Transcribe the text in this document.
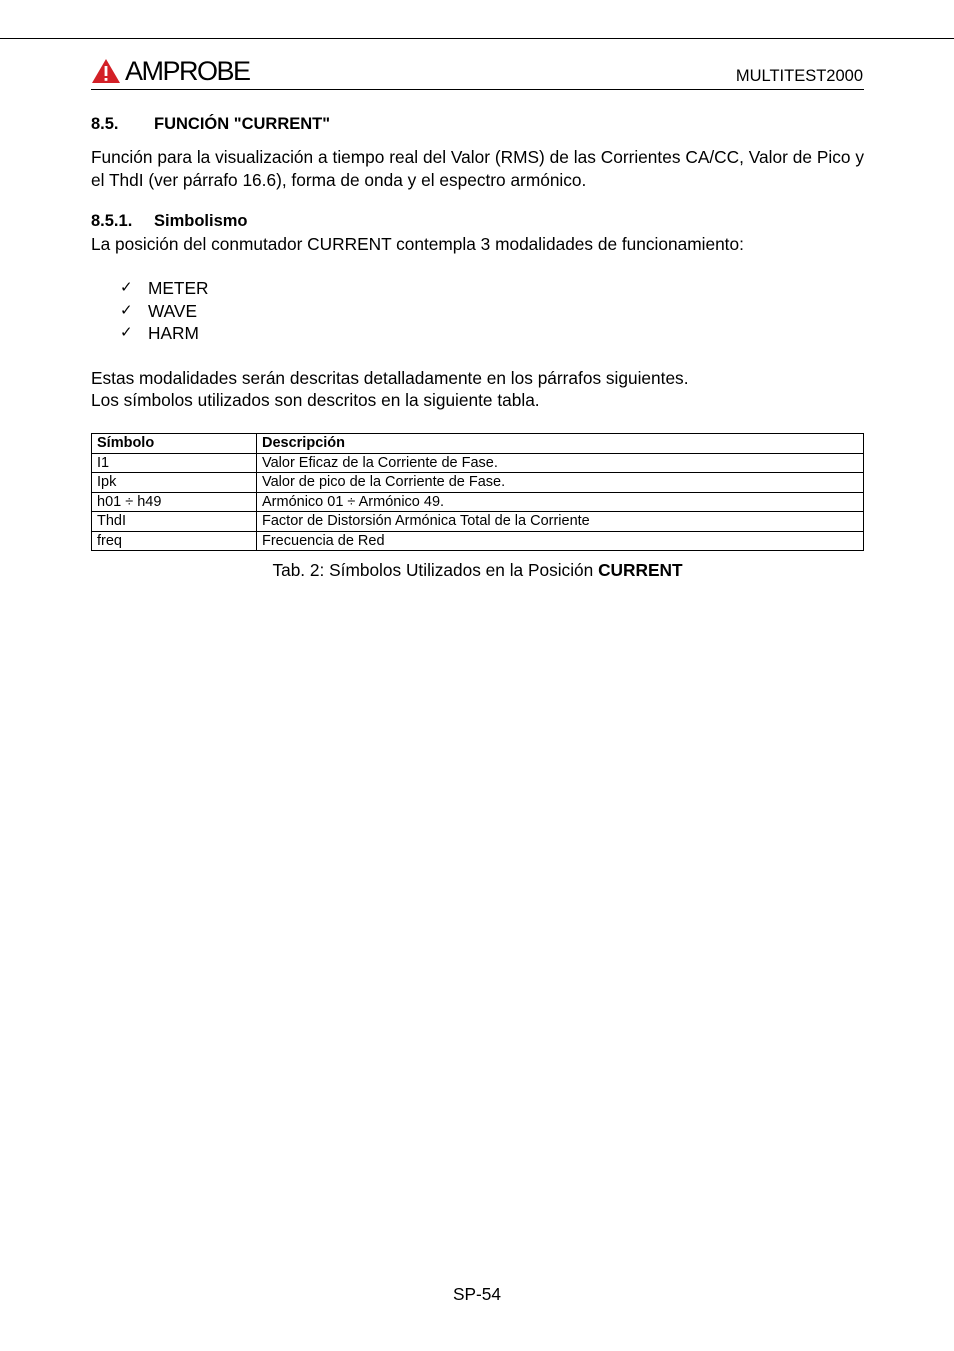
AMPROBE	MULTITEST2000
8.5. FUNCIÓN "CURRENT"
Función para la visualización a tiempo real del Valor (RMS) de las Corrientes CA/CC, Valor de Pico y el ThdI (ver párrafo 16.6), forma de onda y el espectro armónico.
8.5.1. Simbolismo
La posición del conmutador CURRENT contempla 3 modalidades de funcionamiento:
✓ METER
✓ WAVE
✓ HARM
Estas modalidades serán descritas detalladamente en los párrafos siguientes.
Los símbolos utilizados son descritos en la siguiente tabla.
Símbolo	Descripción
I1	Valor Eficaz de la Corriente de Fase.
Ipk	Valor de pico de la Corriente de Fase.
h01 ÷ h49	Armónico 01 ÷ Armónico 49.
ThdI	Factor de Distorsión Armónica Total de la Corriente
freq	Frecuencia de Red
Tab. 2: Símbolos Utilizados en la Posición CURRENT
SP-54
